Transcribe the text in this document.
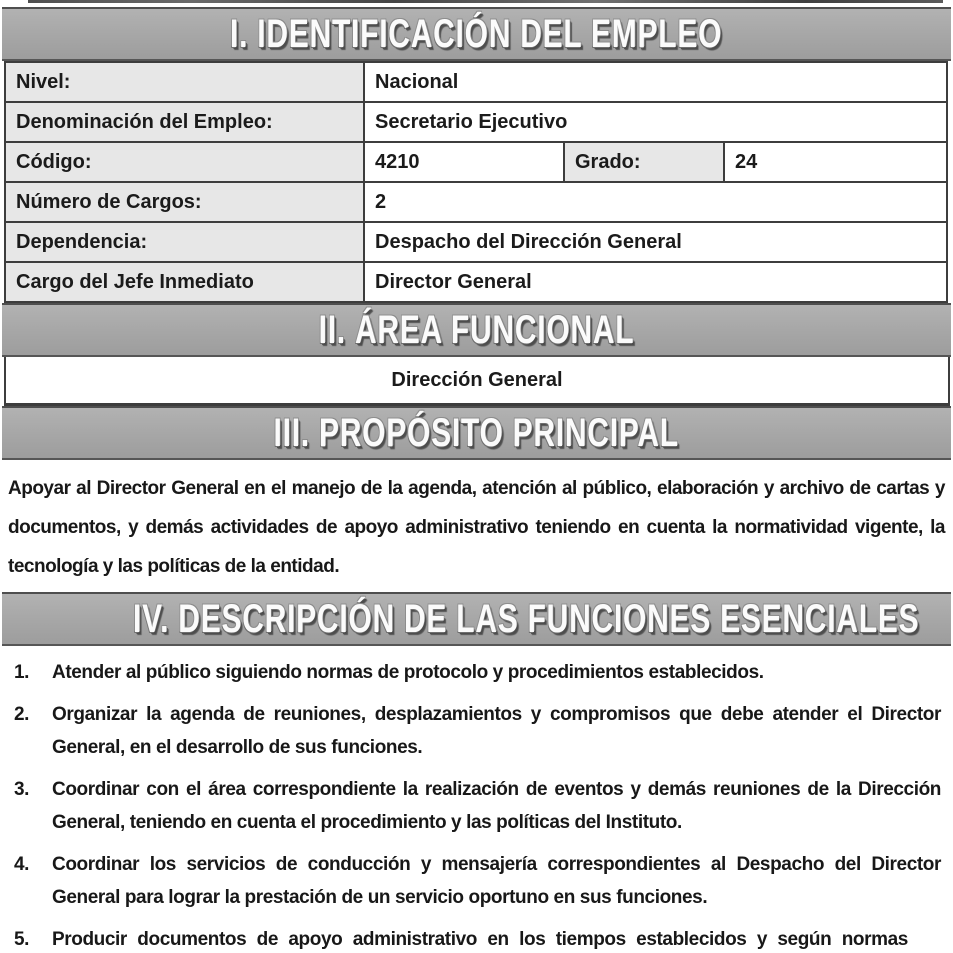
I. IDENTIFICACIÓN DEL EMPLEO
Nivel:	Nacional		
Denominación del Empleo:	Secretario Ejecutivo		
Código:	4210	Grado:	24
Número de Cargos:	2		
Dependencia:	Despacho del Dirección General		
Cargo del Jefe Inmediato	Director General		
II. ÁREA FUNCIONAL
Dirección General
III. PROPÓSITO PRINCIPAL
Apoyar al Director General en el manejo de la agenda, atención al público, elaboración y archivo de cartas y documentos, y demás actividades de apoyo administrativo teniendo en cuenta la normatividad vigente, la tecnología y las políticas de la entidad.
IV. DESCRIPCIÓN DE LAS FUNCIONES ESENCIALES
1.	Atender al público siguiendo normas de protocolo y procedimientos establecidos.
2.	Organizar la agenda de reuniones, desplazamientos y compromisos que debe atender el Director General, en el desarrollo de sus funciones.
3.	Coordinar con el área correspondiente la realización de eventos y demás reuniones de la Dirección General, teniendo en cuenta el procedimiento y las políticas del Instituto.
4.	Coordinar los servicios de conducción y mensajería correspondientes al Despacho del Director General para lograr la prestación de un servicio oportuno en sus funciones.
5.	Producir documentos de apoyo administrativo en los tiempos establecidos y según normas
